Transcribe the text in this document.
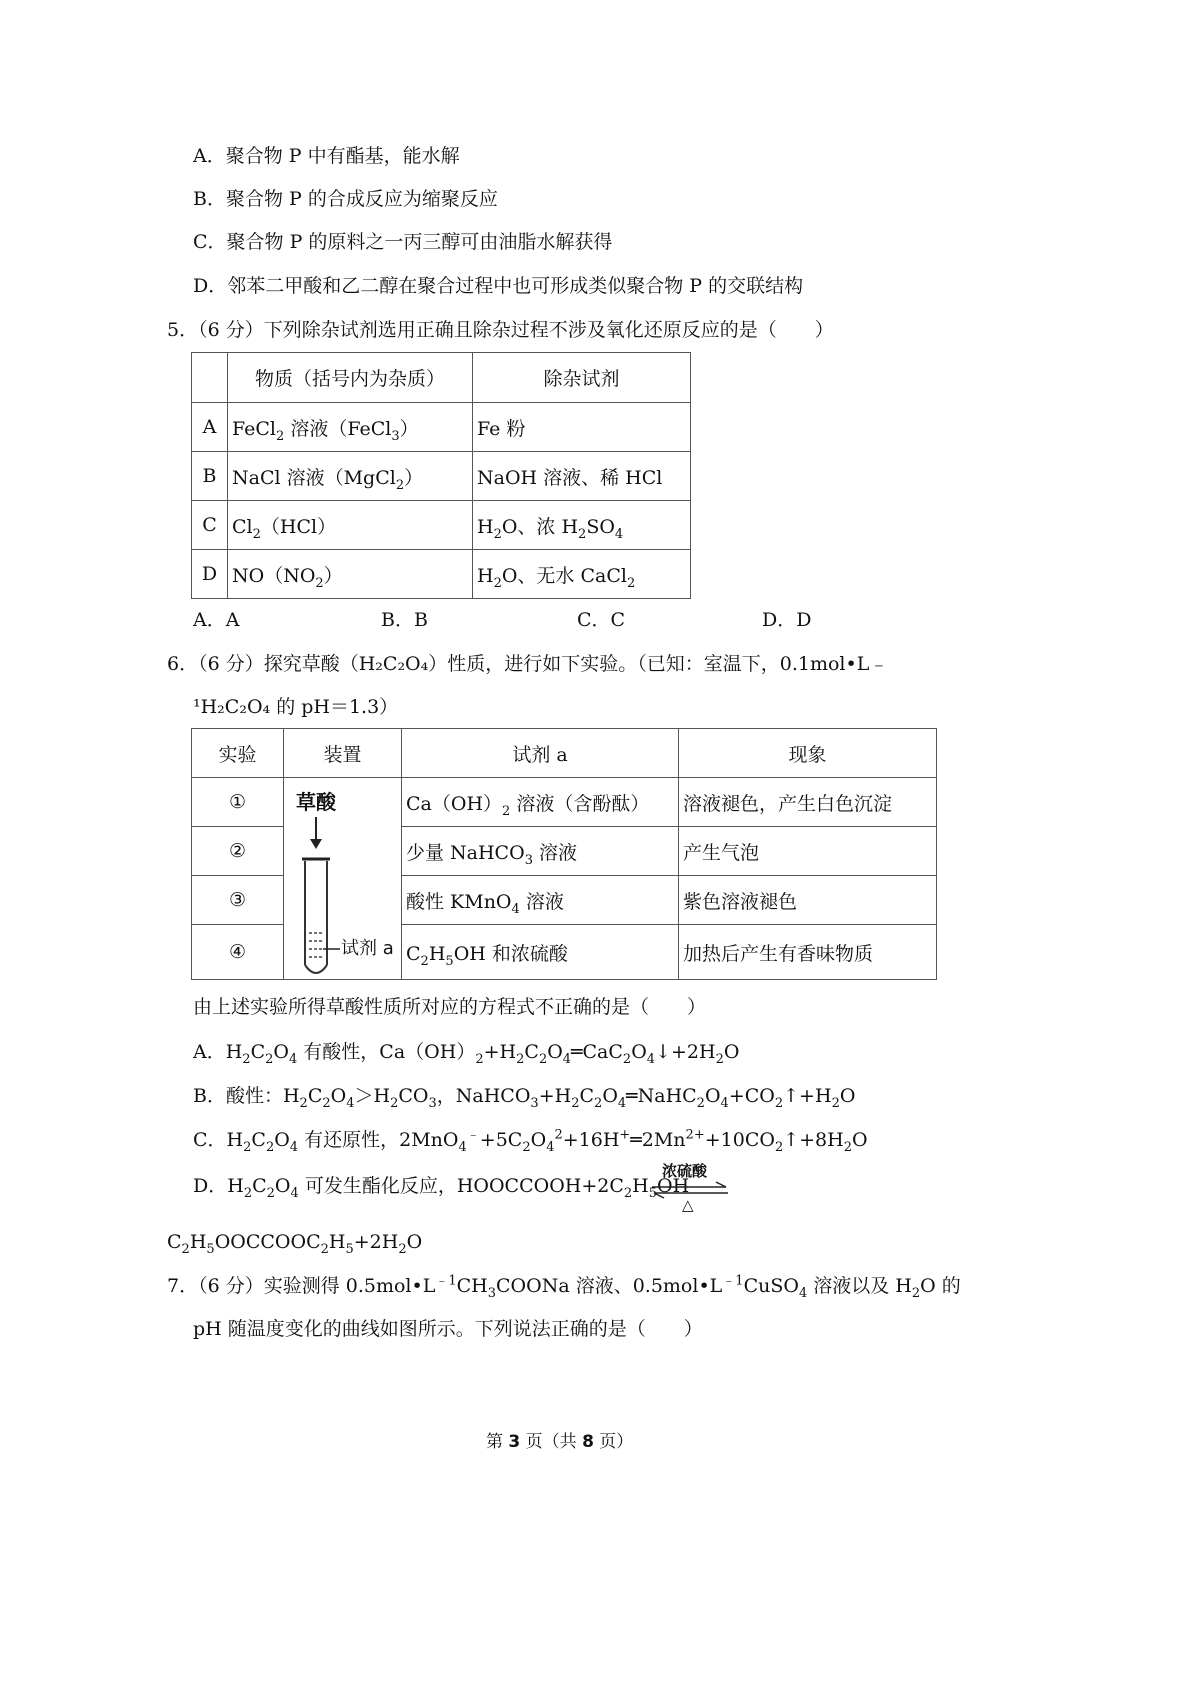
A．聚合物 P 中有酯基，能水解
B．聚合物 P 的合成反应为缩聚反应
C．聚合物 P 的原料之一丙三醇可由油脂水解获得
D．邻苯二甲酸和乙二醇在聚合过程中也可形成类似聚合物 P 的交联结构
5．（6 分）下列除杂试剂选用正确且除杂过程不涉及氧化还原反应的是（　　）
	物质（括号内为杂质）	除杂试剂
A	FeCl$_2$ 溶液（FeCl$_3$）	Fe 粉
B	NaCl 溶液（MgCl$_2$）	NaOH 溶液、稀 HCl
C	$Cl_2(HCl)$	$H_2O$、浓 $H_2SO_4$
D	$NO(NO_2)$	$H_2O$、无水 CaCl$_2$
A．A	B．B	C．C	D．D
6．（6 分）探究草酸（H₂C₂O₄）性质，进行如下实验。（已知：室温下，0.1mol•L﹣
¹H₂C₂O₄ 的 pH＝1.3）
实验	装置	试剂 a	现象
①		$Ca(OH)_2$ 溶液（含酚酞）	溶液褪色，产生白色沉淀
②		少量 NaHCO$_3$ 溶液	产生气泡
③		酸性 KMnO$_4$ 溶液	紫色溶液褪色
④		$C_2H_5OH$ 和浓硫酸	加热后产生有香味物质
草酸
试剂 a
由上述实验所得草酸性质所对应的方程式不正确的是（　　）
A．$H_2C_2O_4$ 有酸性，$Ca(OH)_2+H_2C_2O_4═CaC_2O_4↓+2H_2O$
B．酸性：$H_2C_2O_4>H_2CO_3$，$NaHCO_3+H_2C_2O_4═NaHC_2O_4+CO_2↑+H_2O$
C．$H_2C_2O_4$ 有还原性，$2MnO_4^﹣+5C_2O_4^2+16H^+═2Mn^{2+}+10CO_2↑+8H_2O$
D．$H_2C_2O_4$ 可发生酯化反应，$HOOCCOOH+2C_2H_5OH$
浓硫酸
△
$C_2H_5OOCCOOC_2H_5+2H_2O$
7．（6 分）实验测得 $0.5mol•L^{﹣1}CH_3COONa$ 溶液、$0.5mol•L^{﹣1}CuSO_4$ 溶液以及 $H_2O$ 的
pH 随温度变化的曲线如图所示。下列说法正确的是（　　）
第 3 页（共 8 页）
